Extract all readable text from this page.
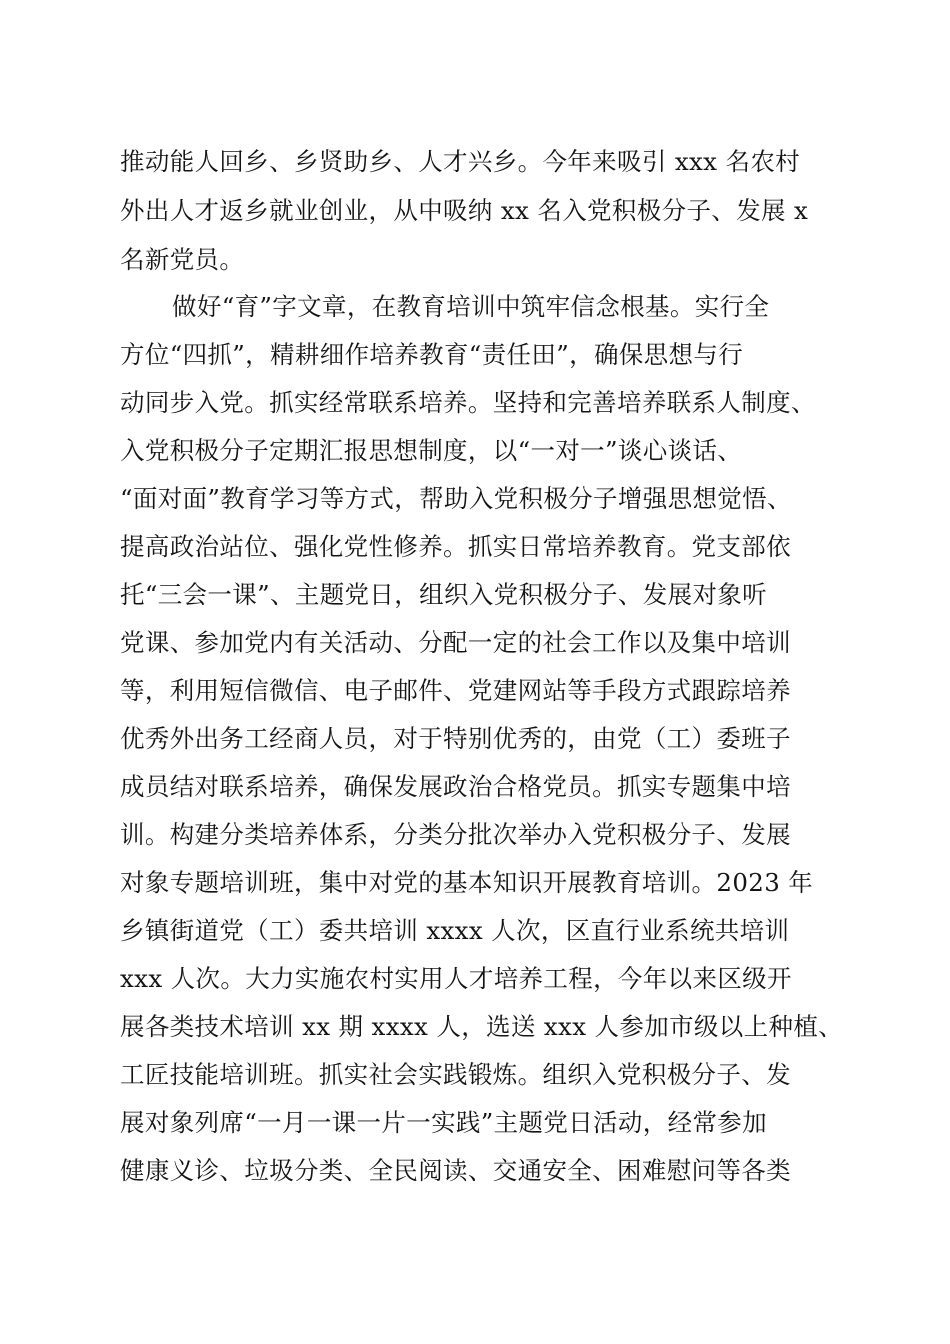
推动能人回乡、乡贤助乡、人才兴乡。今年来吸引 xxx 名农村
外出人才返乡就业创业，从中吸纳 xx 名入党积极分子、发展 x
名新党员。
做好“育”字文章，在教育培训中筑牢信念根基。实行全
方位“四抓”，精耕细作培养教育“责任田”，确保思想与行
动同步入党。抓实经常联系培养。坚持和完善培养联系人制度、
入党积极分子定期汇报思想制度，以“一对一”谈心谈话、
“面对面”教育学习等方式，帮助入党积极分子增强思想觉悟、
提高政治站位、强化党性修养。抓实日常培养教育。党支部依
托“三会一课”、主题党日，组织入党积极分子、发展对象听
党课、参加党内有关活动、分配一定的社会工作以及集中培训
等，利用短信微信、电子邮件、党建网站等手段方式跟踪培养
优秀外出务工经商人员，对于特别优秀的，由党（工）委班子
成员结对联系培养，确保发展政治合格党员。抓实专题集中培
训。构建分类培养体系，分类分批次举办入党积极分子、发展
对象专题培训班，集中对党的基本知识开展教育培训。2023 年
乡镇街道党（工）委共培训 xxxx 人次，区直行业系统共培训
xxx 人次。大力实施农村实用人才培养工程，今年以来区级开
展各类技术培训 xx 期 xxxx 人，选送 xxx 人参加市级以上种植、
工匠技能培训班。抓实社会实践锻炼。组织入党积极分子、发
展对象列席“一月一课一片一实践”主题党日活动，经常参加
健康义诊、垃圾分类、全民阅读、交通安全、困难慰问等各类
